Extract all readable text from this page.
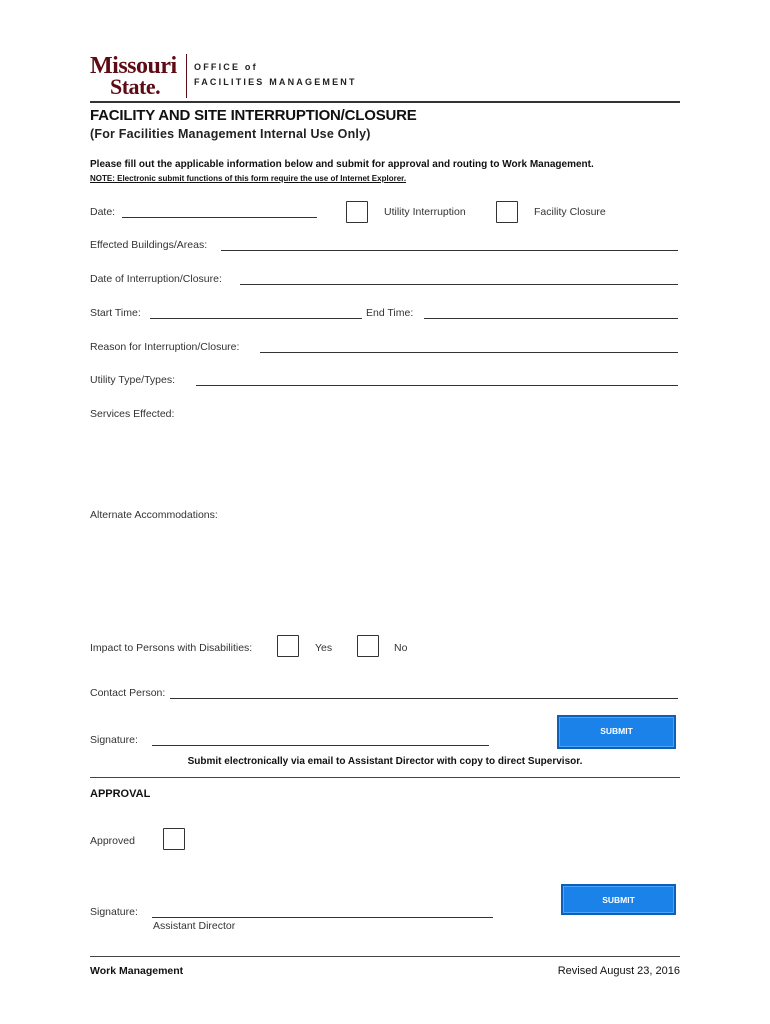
Missouri
State.
OFFICE of
FACILITIES MANAGEMENT
FACILITY AND SITE INTERRUPTION/CLOSURE
(For Facilities Management Internal Use Only)
Please fill out the applicable information below and submit for approval and routing to Work Management.
NOTE: Electronic submit functions of this form require the use of Internet Explorer.
Date:	Utility Interruption	Facility Closure
Effected Buildings/Areas:
Date of Interruption/Closure:
Start Time:	End Time:
Reason for Interruption/Closure:
Utility Type/Types:
Services Effected:
Alternate Accommodations:
Impact to Persons with Disabilities:	Yes	No
Contact Person:
SUBMIT
Signature:
Submit electronically via email to Assistant Director with copy to direct Supervisor.
APPROVAL
Approved
SUBMIT
Signature:
Assistant Director
Work Management	Revised August 23, 2016
